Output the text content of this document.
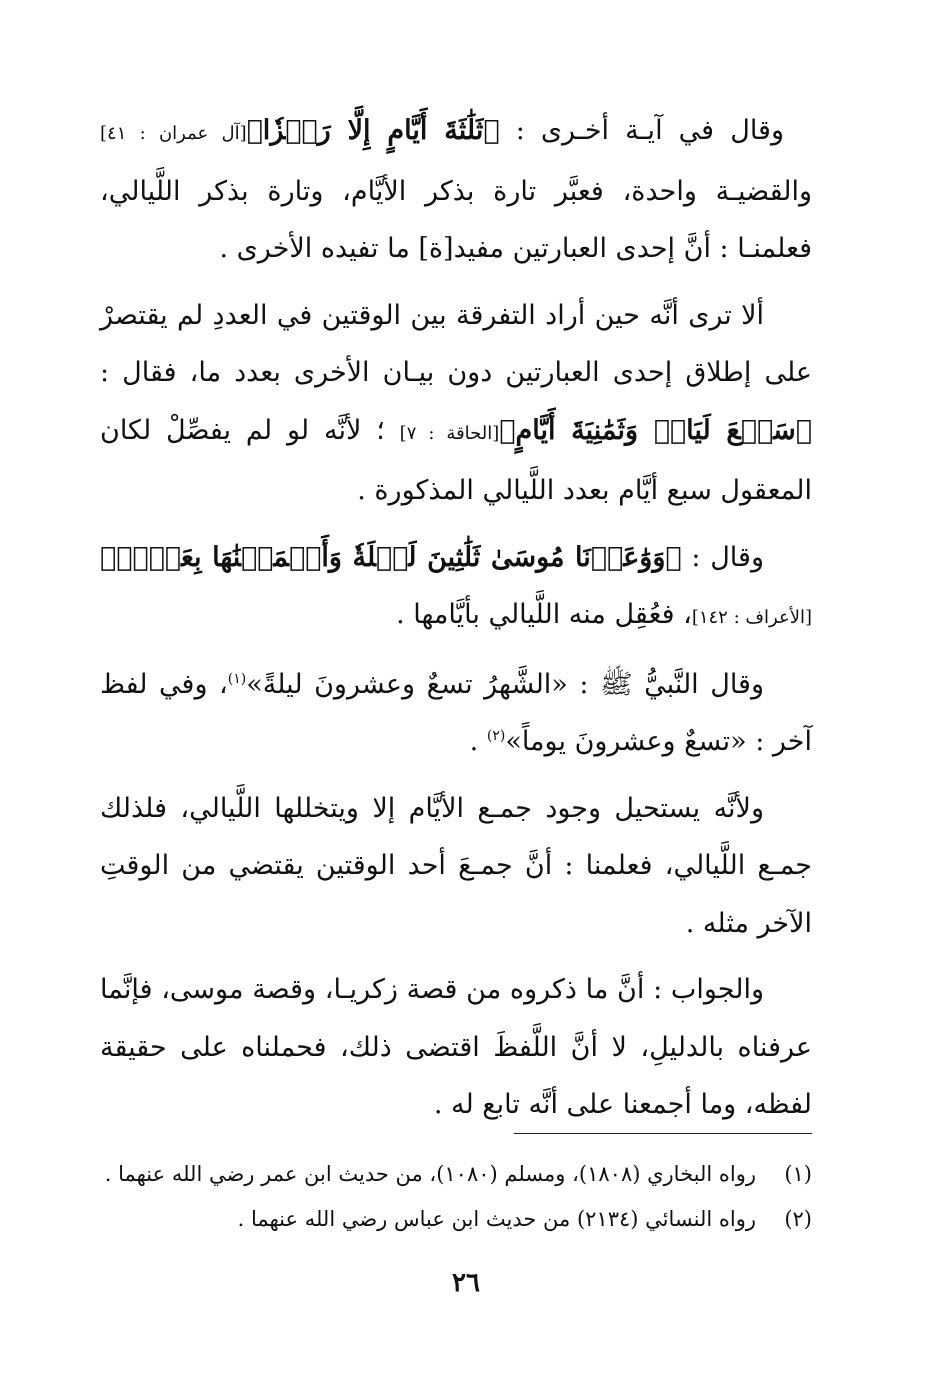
وقال في آيـة أخـرى : ﴿ثَلَٰثَةَ أَيَّامٍ إِلَّا رَمۡزٗا﴾[آل عمران : ٤١] والقضيـة واحدة، فعبَّر تارة بذكر الأيَّام، وتارة بذكر اللَّيالي، فعلمنـا : أنَّ إحدى العبارتين مفيد[ة] ما تفيده الأخرى .

ألا ترى أنَّه حين أراد التفرقة بين الوقتين في العددِ لم يقتصرْ على إطلاق إحدى العبارتين دون بيـان الأخرى بعدد ما، فقال : ﴿سَبۡعَ لَيَالٖ وَثَمَٰنِيَةَ أَيَّامٍ﴾[الحاقة : ٧] ؛ لأنَّه لو لم يفصِّلْ لكان المعقول سبع أيَّام بعدد اللَّيالي المذكورة .

وقال : ﴿وَوَٰعَدۡنَا مُوسَىٰ ثَلَٰثِينَ لَيۡلَةٗ وَأَتۡمَمۡنَٰهَا بِعَشۡرٖ﴾[الأعراف : ١٤٢]، فعُقِل منه اللَّيالي بأيَّامها .

وقال النَّبيُّ ﷺ : «الشَّهرُ تسعٌ وعشرونَ ليلةً»$^{(١)}$، وفي لفظ آخر : «تسعٌ وعشرونَ يوماً»$^{(٢)}$ .

ولأنَّه يستحيل وجود جمـع الأيَّام إلا ويتخللها اللَّيالي، فلذلك جمـع اللَّيالي، فعلمنا : أنَّ جمـعَ أحد الوقتين يقتضي من الوقتِ الآخر مثله .

والجواب : أنَّ ما ذكروه من قصة زكريـا، وقصة موسى، فإنَّما عرفناه بالدليلِ، لا أنَّ اللَّفظَ اقتضى ذلك، فحملناه على حقيقة لفظه، وما أجمعنا على أنَّه تابع له .

(١)
رواه البخاري (١٨٠٨)، ومسلم (١٠٨٠)، من حديث ابن عمر رضي الله عنهما .

(٢)
رواه النسائي (٢١٣٤) من حديث ابن عباس رضي الله عنهما .

٢٦
